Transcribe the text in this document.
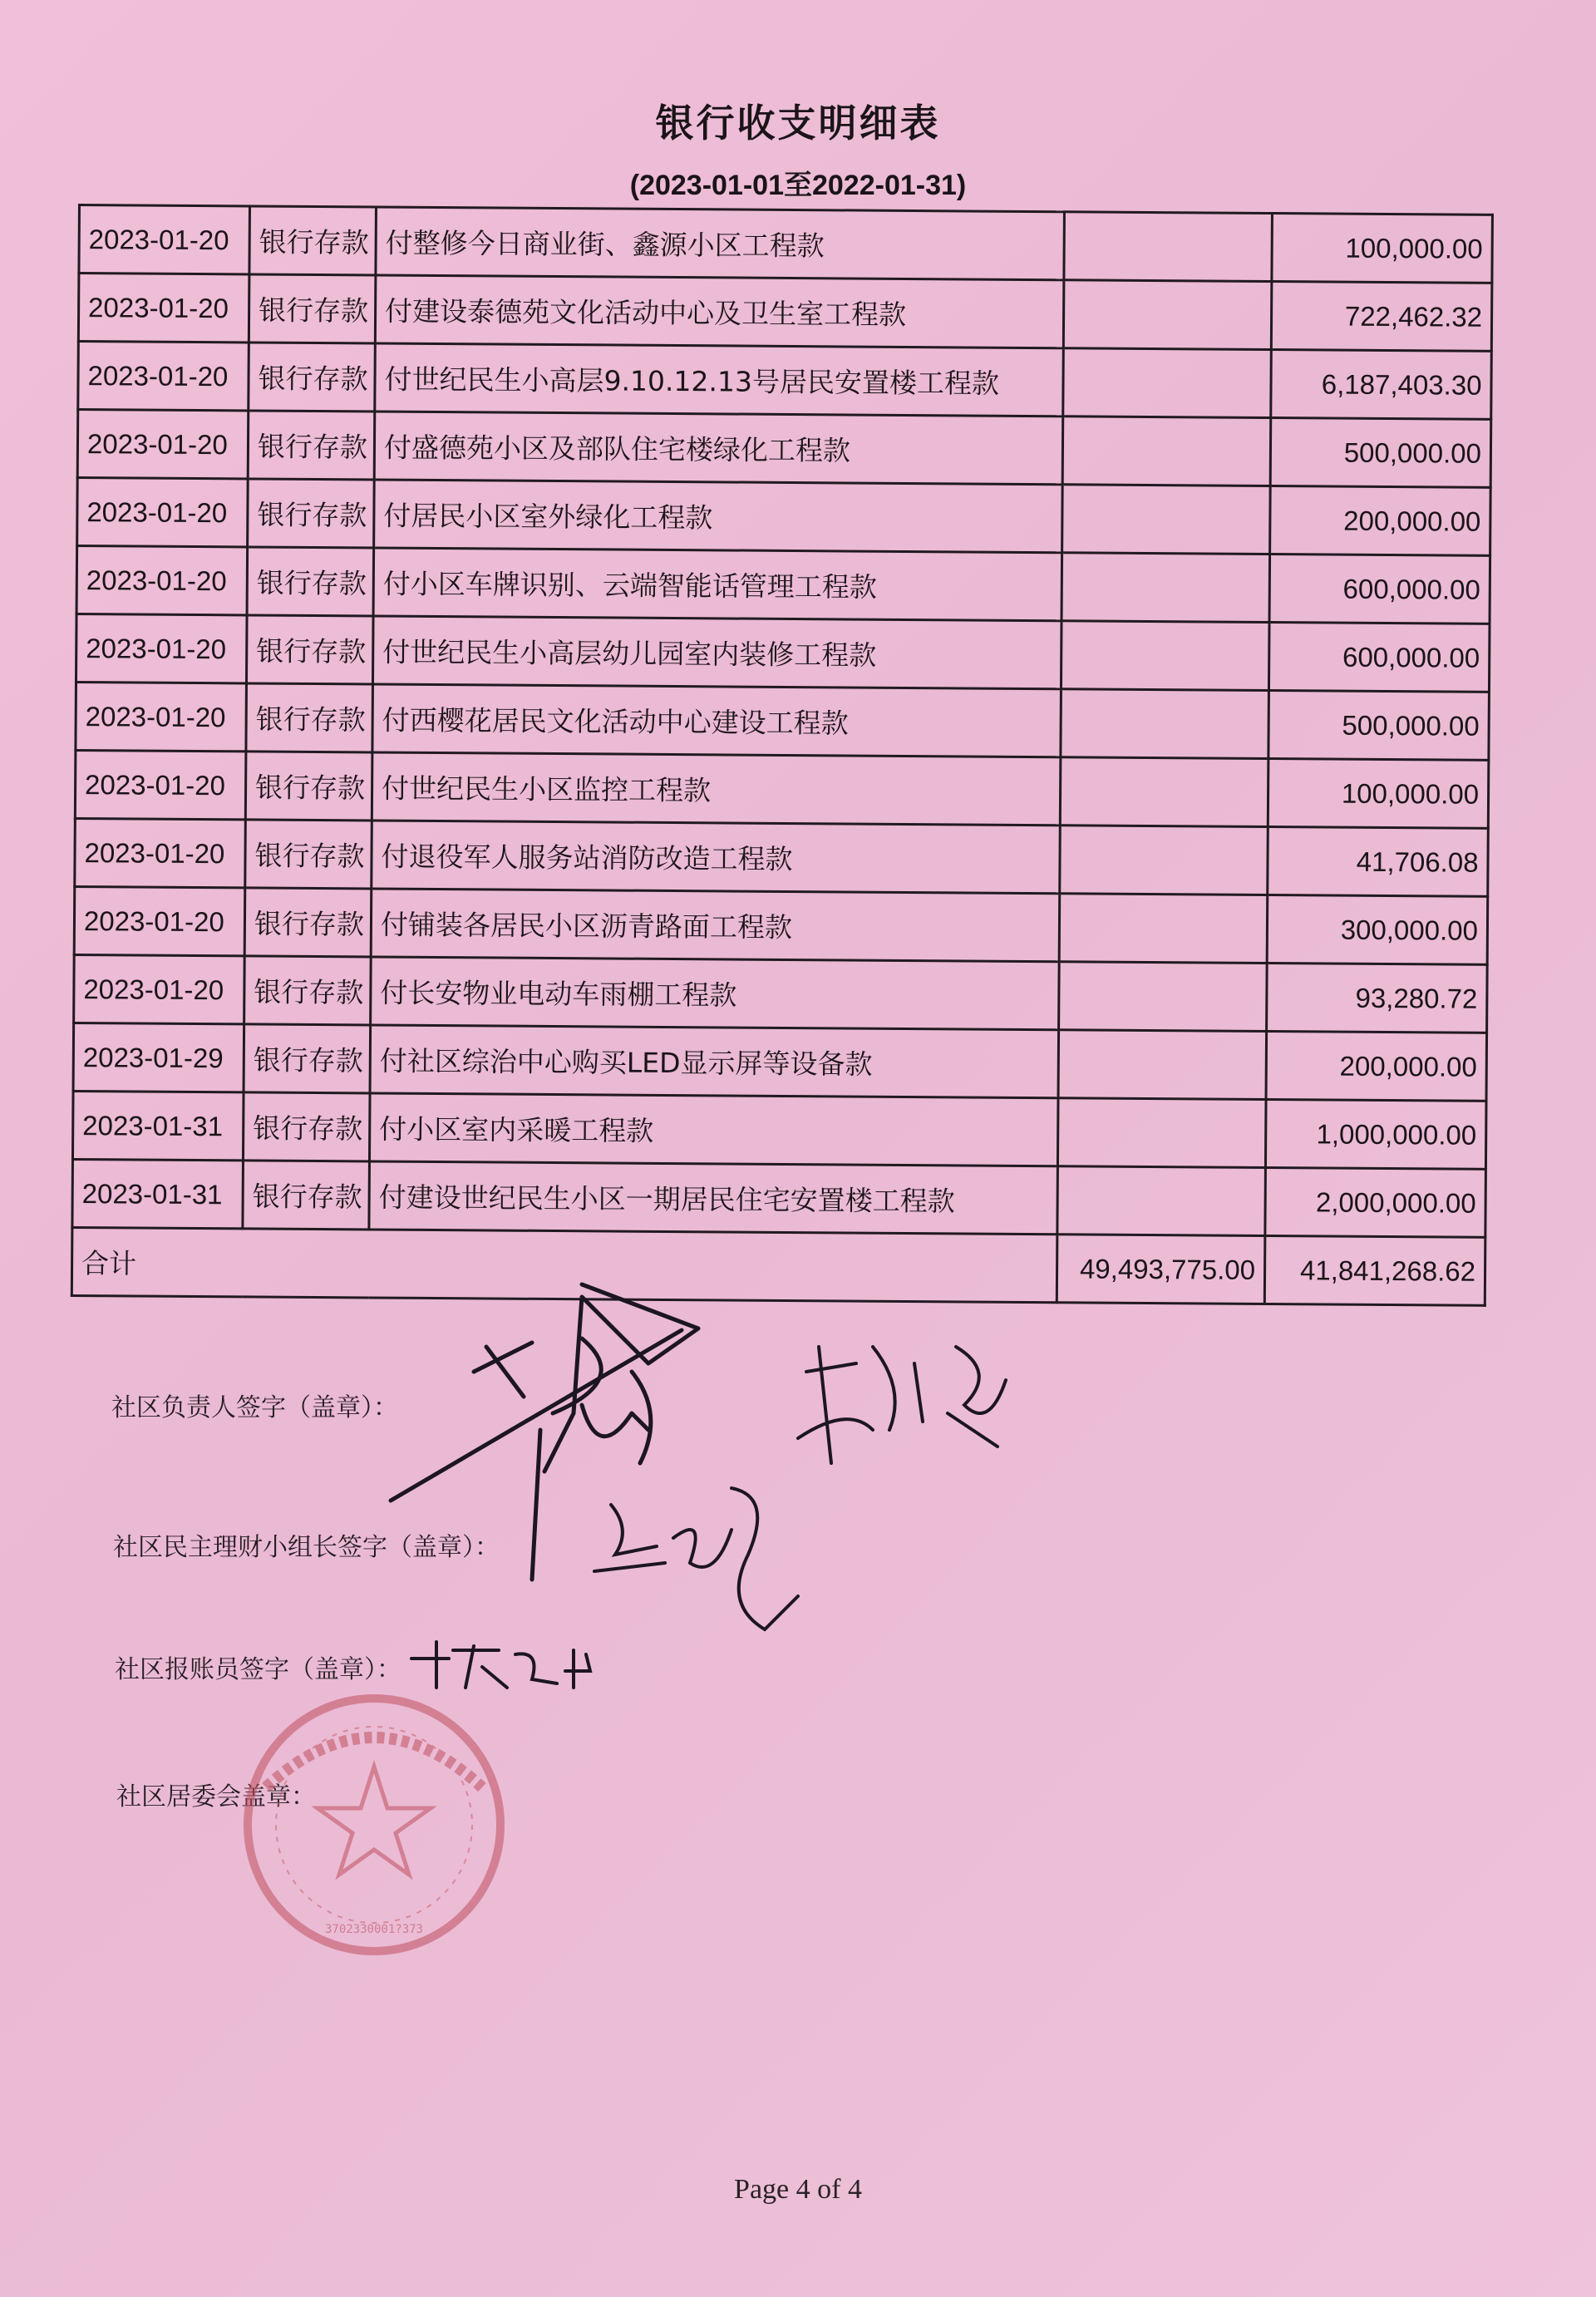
银行收支明细表
(2023-01-01至2022-01-31)
2023-01-20	银行存款	付整修今日商业街、鑫源小区工程款		100,000.00
2023-01-20	银行存款	付建设泰德苑文化活动中心及卫生室工程款		722,462.32
2023-01-20	银行存款	付世纪民生小高层9.10.12.13号居民安置楼工程款		6,187,403.30
2023-01-20	银行存款	付盛德苑小区及部队住宅楼绿化工程款		500,000.00
2023-01-20	银行存款	付居民小区室外绿化工程款		200,000.00
2023-01-20	银行存款	付小区车牌识别、云端智能话管理工程款		600,000.00
2023-01-20	银行存款	付世纪民生小高层幼儿园室内装修工程款		600,000.00
2023-01-20	银行存款	付西樱花居民文化活动中心建设工程款		500,000.00
2023-01-20	银行存款	付世纪民生小区监控工程款		100,000.00
2023-01-20	银行存款	付退役军人服务站消防改造工程款		41,706.08
2023-01-20	银行存款	付铺装各居民小区沥青路面工程款		300,000.00
2023-01-20	银行存款	付长安物业电动车雨棚工程款		93,280.72
2023-01-29	银行存款	付社区综治中心购买LED显示屏等设备款		200,000.00
2023-01-31	银行存款	付小区室内采暖工程款		1,000,000.00
2023-01-31	银行存款	付建设世纪民生小区一期居民住宅安置楼工程款		2,000,000.00
合计			49,493,775.00	41,841,268.62
社区负责人签字（盖章）：
社区民主理财小组长签字（盖章）：
社区报账员签字（盖章）：
社区居委会盖章：
3702330001?373
Page 4 of 4
